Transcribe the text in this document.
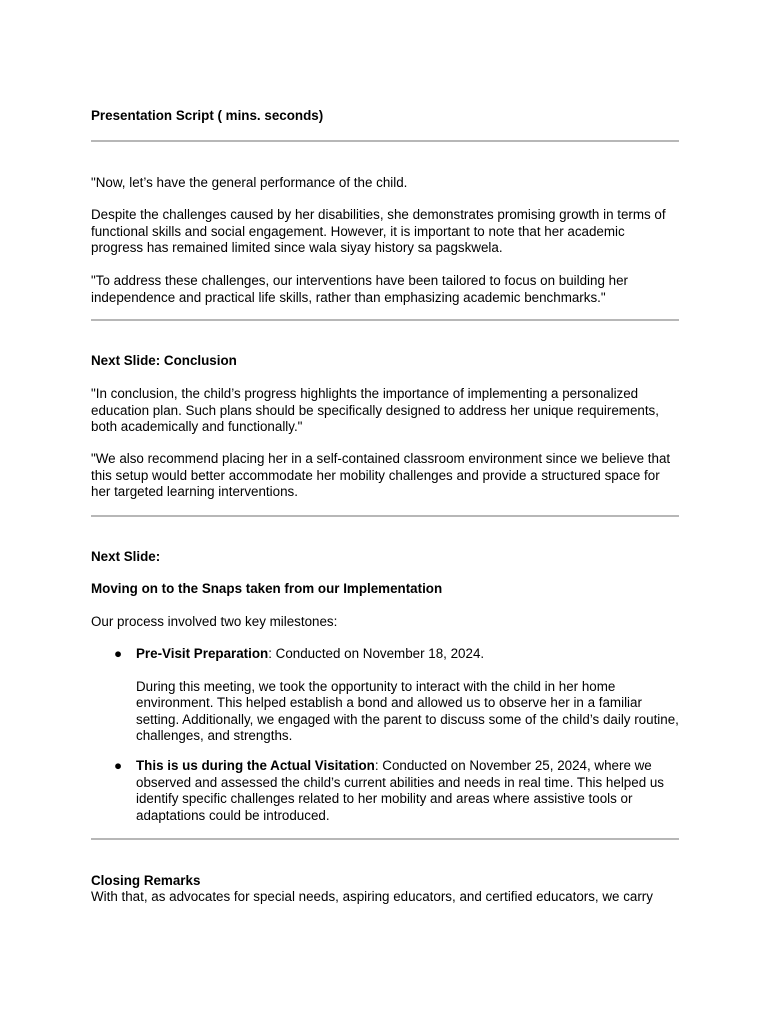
Presentation Script ( mins. seconds)

"Now, let’s have the general performance of the child.

Despite the challenges caused by her disabilities, she demonstrates promising growth in terms of functional skills and social engagement. However, it is important to note that her academic progress has remained limited since wala siyay history sa pagskwela.

"To address these challenges, our interventions have been tailored to focus on building her independence and practical life skills, rather than emphasizing academic benchmarks."

Next Slide: Conclusion

"In conclusion, the child’s progress highlights the importance of implementing a personalized education plan. Such plans should be specifically designed to address her unique requirements, both academically and functionally."

"We also recommend placing her in a self-contained classroom environment since we believe that this setup would better accommodate her mobility challenges and provide a structured space for her targeted learning interventions.

Next Slide:

Moving on to the Snaps taken from our Implementation

Our process involved two key milestones:

● Pre-Visit Preparation: Conducted on November 18, 2024.

During this meeting, we took the opportunity to interact with the child in her home environment. This helped establish a bond and allowed us to observe her in a familiar setting. Additionally, we engaged with the parent to discuss some of the child’s daily routine, challenges, and strengths.

● This is us during the Actual Visitation: Conducted on November 25, 2024, where we observed and assessed the child’s current abilities and needs in real time. This helped us identify specific challenges related to her mobility and areas where assistive tools or adaptations could be introduced.

Closing Remarks

With that, as advocates for special needs, aspiring educators, and certified educators, we carry
